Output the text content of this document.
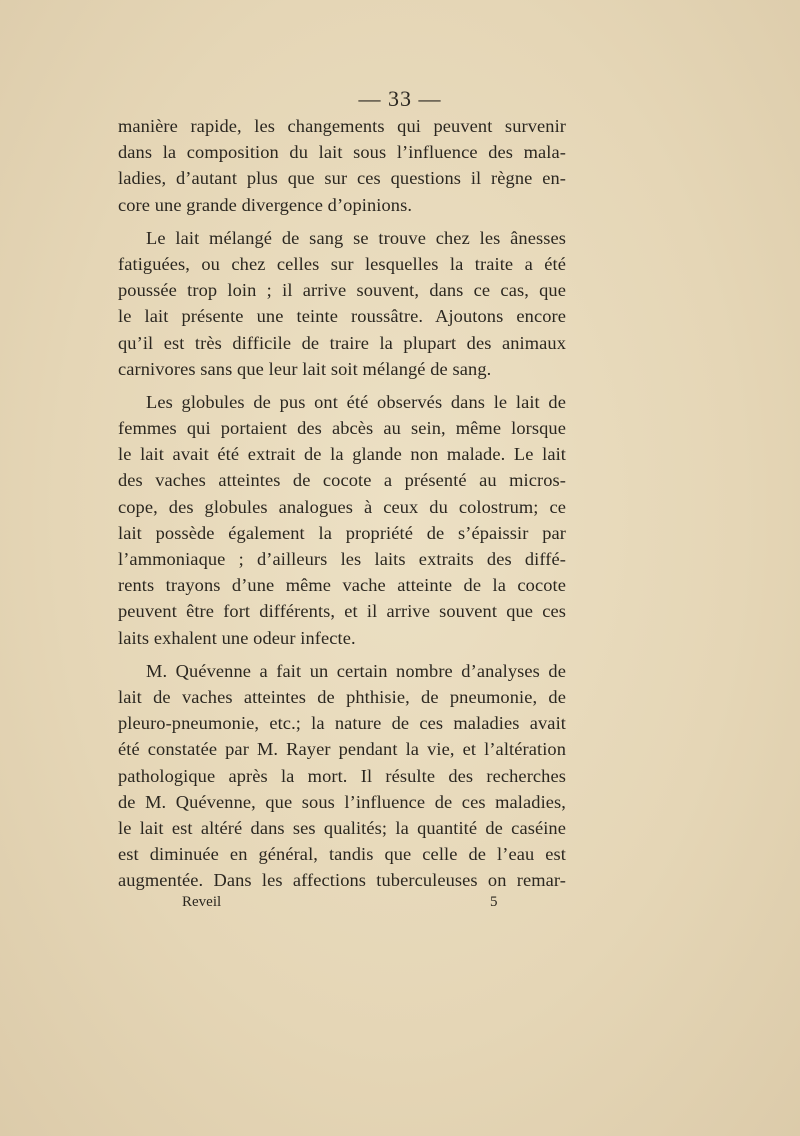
— 33 —
manière rapide, les changements qui peuvent survenir
dans la composition du lait sous l’influence des mala-
ladies, d’autant plus que sur ces questions il règne en-
core une grande divergence d’opinions.
Le lait mélangé de sang se trouve chez les ânesses
fatiguées, ou chez celles sur lesquelles la traite a été
poussée trop loin ; il arrive souvent, dans ce cas, que
le lait présente une teinte roussâtre. Ajoutons encore
qu’il est très difficile de traire la plupart des animaux
carnivores sans que leur lait soit mélangé de sang.
Les globules de pus ont été observés dans le lait de
femmes qui portaient des abcès au sein, même lorsque
le lait avait été extrait de la glande non malade. Le lait
des vaches atteintes de cocote a présenté au micros-
cope, des globules analogues à ceux du colostrum; ce
lait possède également la propriété de s’épaissir par
l’ammoniaque ; d’ailleurs les laits extraits des diffé-
rents trayons d’une même vache atteinte de la cocote
peuvent être fort différents, et il arrive souvent que ces
laits exhalent une odeur infecte.
M. Quévenne a fait un certain nombre d’analyses de
lait de vaches atteintes de phthisie, de pneumonie, de
pleuro-pneumonie, etc.; la nature de ces maladies avait
été constatée par M. Rayer pendant la vie, et l’altération
pathologique après la mort. Il résulte des recherches
de M. Quévenne, que sous l’influence de ces maladies,
le lait est altéré dans ses qualités; la quantité de caséine
est diminuée en général, tandis que celle de l’eau est
augmentée. Dans les affections tuberculeuses on remar-
Reveil	5
